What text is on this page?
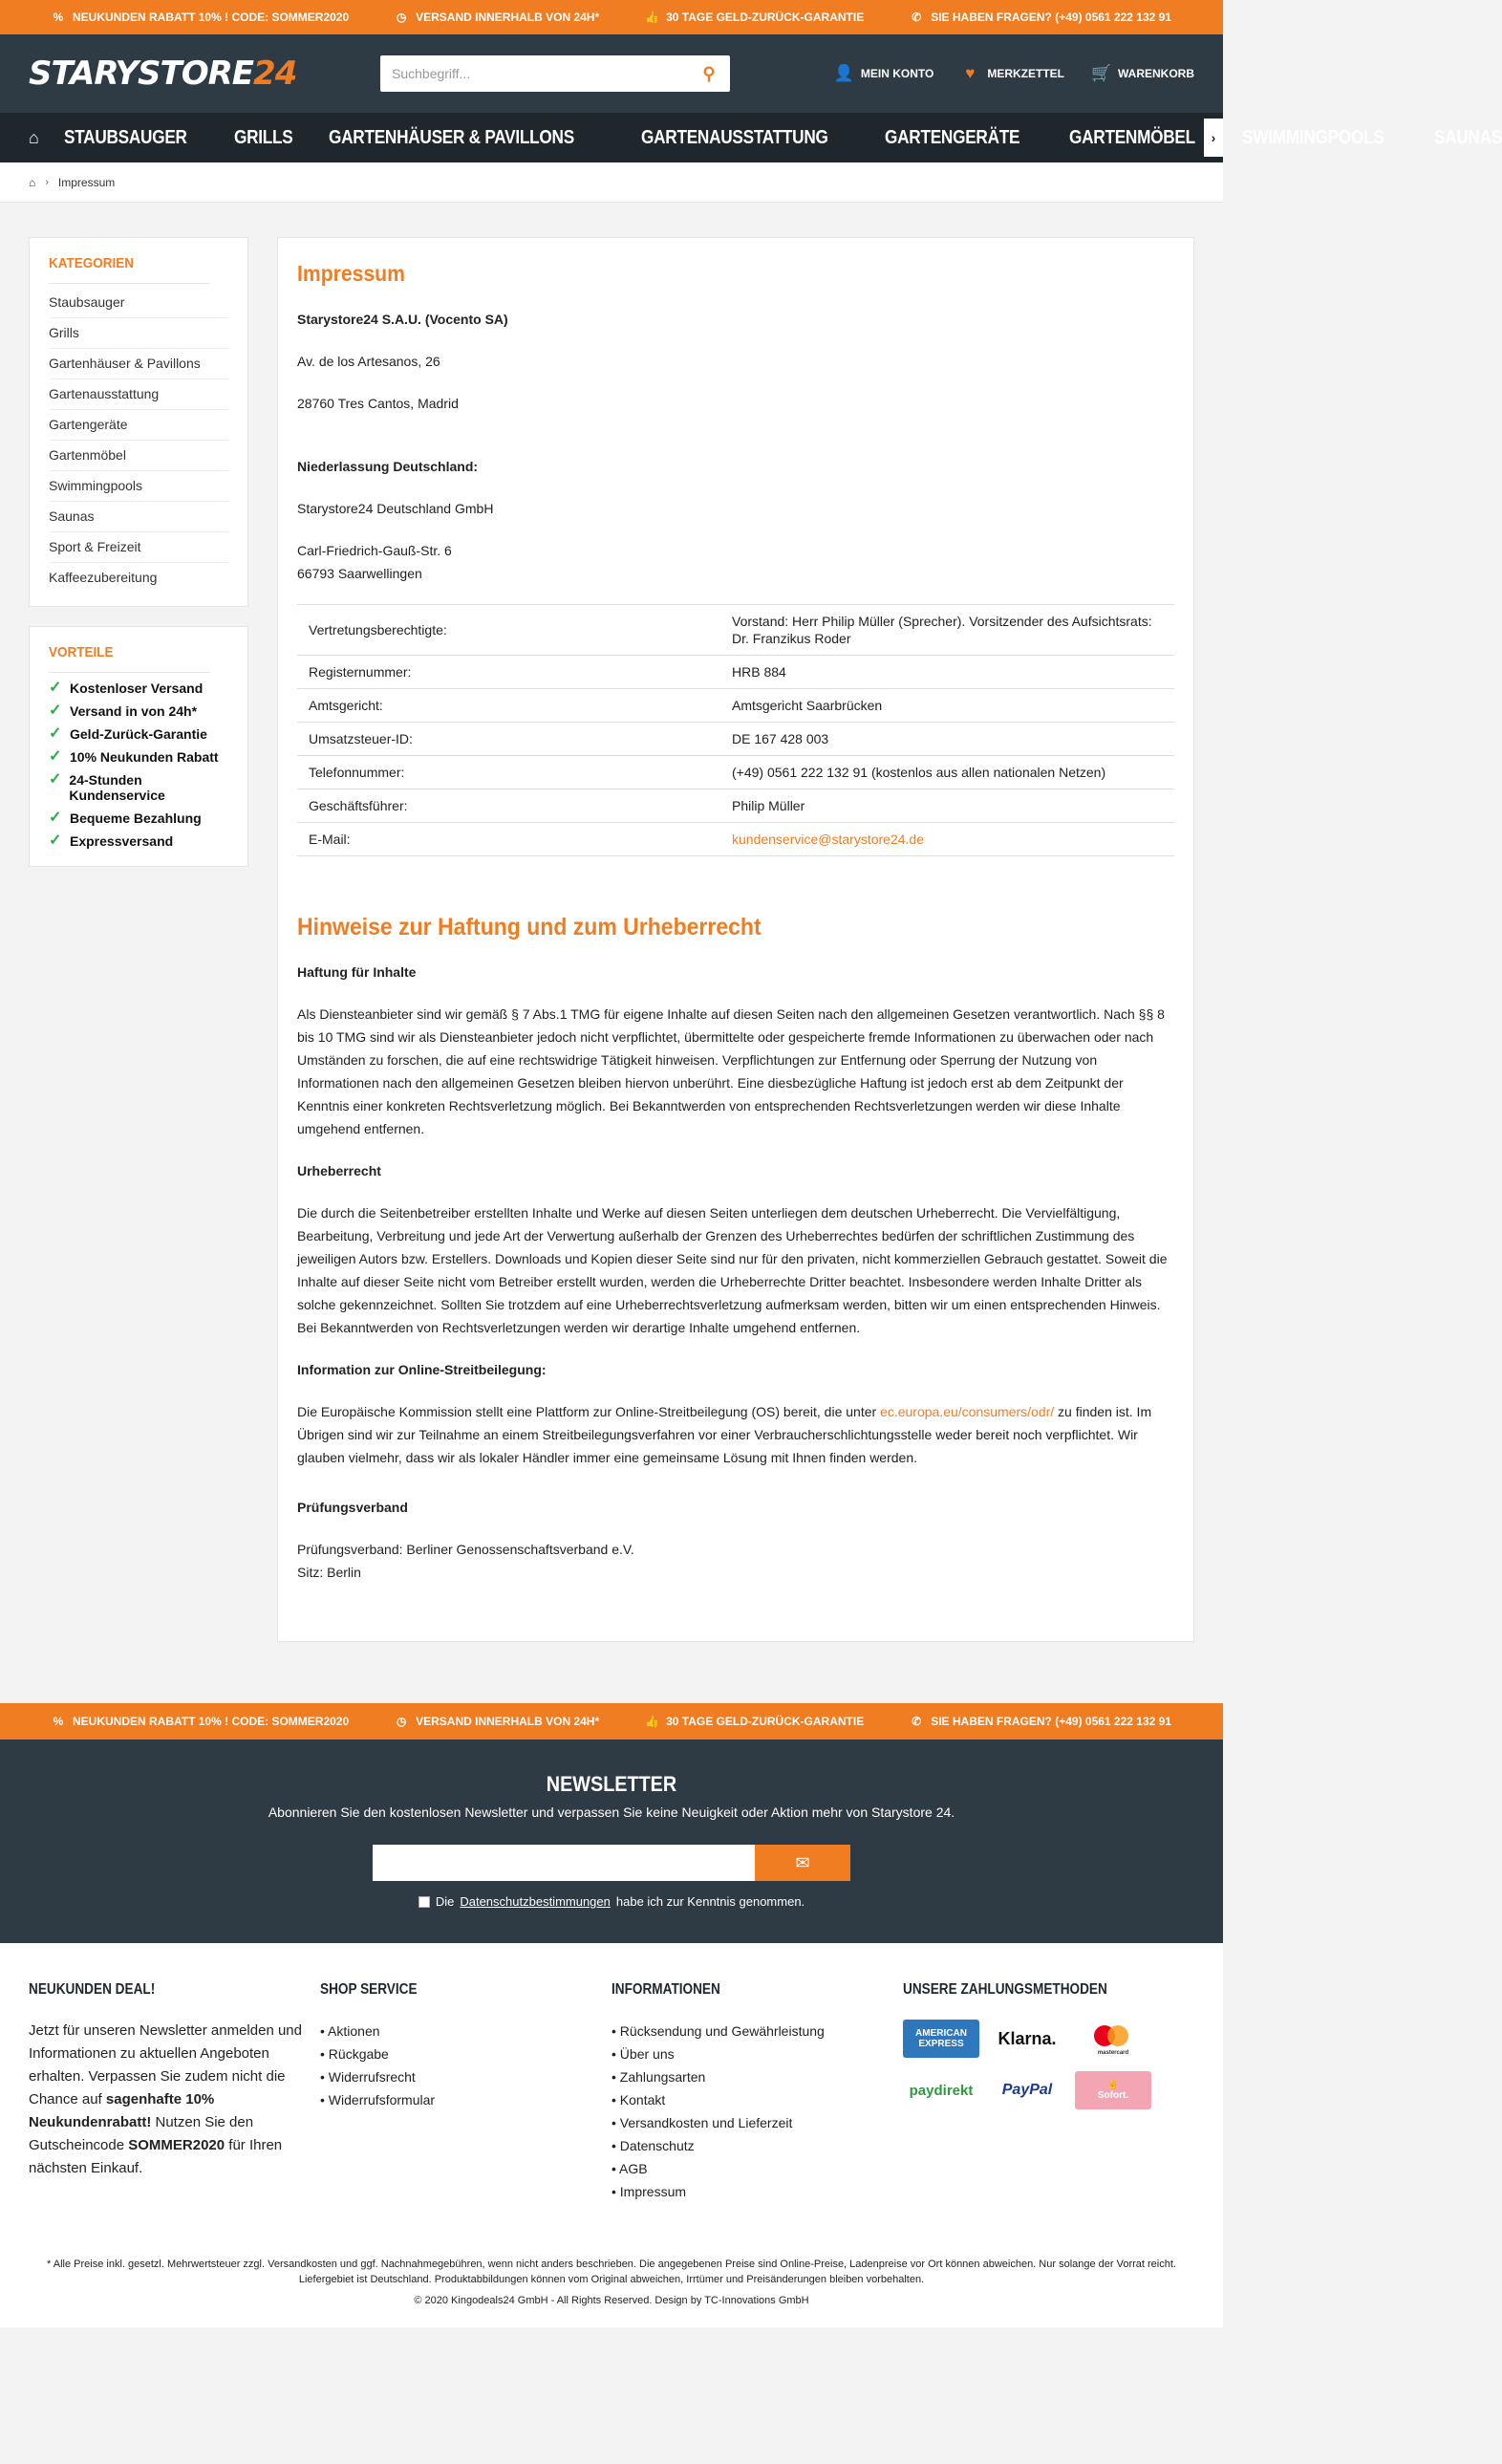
% NEUKUNDEN RABATT 10% ! CODE: SOMMER2020	◷ VERSAND INNERHALB VON 24H*	👍 30 TAGE GELD-ZURÜCK-GARANTIE	✆ SIE HABEN FRAGEN? (+49) 0561 222 132 91
STARYSTORE24
Suchbegriff...	⚲	👤 MEIN KONTO ♥	MERKZETTEL 🛒 WARENKORB
⌂ STAUBSAUGER GRILLS GARTENHÄUSER & PAVILLONS	GARTENAUSSTATTUNG	GARTENGERÄTE	GARTENMÖBEL SWIMMINGPOOLS	SAUNAS
›
⌂ › Impressum
KATEGORIEN
Staubsauger
Grills
Gartenhäuser & Pavillons
Gartenausstattung
Gartengeräte
Gartenmöbel
Swimmingpools
Saunas
Sport & Freizeit
Kaffeezubereitung
VORTEILE
✓ Kostenloser Versand
✓ Versand in von 24h*
✓ Geld-Zurück-Garantie
✓ 10% Neukunden Rabatt
✓ 24-Stunden Kundenservice
✓ Bequeme Bezahlung
✓ Expressversand
Impressum

Starystore24 S.A.U. (Vocento SA)

Av. de los Artesanos, 26

28760 Tres Cantos, Madrid

Niederlassung Deutschland:

Starystore24 Deutschland GmbH

Carl-Friedrich-Gauß-Str. 6
66793 Saarwellingen

Vertretungsberechtigte:	Vorstand: Herr Philip Müller (Sprecher). Vorsitzender des Aufsichtsrats: Dr. Franzikus Roder
Registernummer:	HRB 884
Amtsgericht:	Amtsgericht Saarbrücken
Umsatzsteuer-ID:	DE 167 428 003
Telefonnummer:	(+49) 0561 222 132 91 (kostenlos aus allen nationalen Netzen)
Geschäftsführer:	Philip Müller
E-Mail:	kundenservice@starystore24.de
Hinweise zur Haftung und zum Urheberrecht

Haftung für Inhalte

Als Diensteanbieter sind wir gemäß § 7 Abs.1 TMG für eigene Inhalte auf diesen Seiten nach den allgemeinen Gesetzen verantwortlich. Nach §§ 8 bis 10 TMG sind wir als Diensteanbieter jedoch nicht verpflichtet, übermittelte oder gespeicherte fremde Informationen zu überwachen oder nach Umständen zu forschen, die auf eine rechtswidrige Tätigkeit hinweisen. Verpflichtungen zur Entfernung oder Sperrung der Nutzung von Informationen nach den allgemeinen Gesetzen bleiben hiervon unberührt. Eine diesbezügliche Haftung ist jedoch erst ab dem Zeitpunkt der Kenntnis einer konkreten Rechtsverletzung möglich. Bei Bekanntwerden von entsprechenden Rechtsverletzungen werden wir diese Inhalte umgehend entfernen.

Urheberrecht

Die durch die Seitenbetreiber erstellten Inhalte und Werke auf diesen Seiten unterliegen dem deutschen Urheberrecht. Die Vervielfältigung, Bearbeitung, Verbreitung und jede Art der Verwertung außerhalb der Grenzen des Urheberrechtes bedürfen der schriftlichen Zustimmung des jeweiligen Autors bzw. Erstellers. Downloads und Kopien dieser Seite sind nur für den privaten, nicht kommerziellen Gebrauch gestattet. Soweit die Inhalte auf dieser Seite nicht vom Betreiber erstellt wurden, werden die Urheberrechte Dritter beachtet. Insbesondere werden Inhalte Dritter als solche gekennzeichnet. Sollten Sie trotzdem auf eine Urheberrechtsverletzung aufmerksam werden, bitten wir um einen entsprechenden Hinweis. Bei Bekanntwerden von Rechtsverletzungen werden wir derartige Inhalte umgehend entfernen.

Information zur Online-Streitbeilegung:

Die Europäische Kommission stellt eine Plattform zur Online-Streitbeilegung (OS) bereit, die unter ec.europa.eu/consumers/odr/ zu finden ist. Im Übrigen sind wir zur Teilnahme an einem Streitbeilegungsverfahren vor einer Verbraucherschlichtungsstelle weder bereit noch verpflichtet. Wir glauben vielmehr, dass wir als lokaler Händler immer eine gemeinsame Lösung mit Ihnen finden werden.

Prüfungsverband

Prüfungsverband: Berliner Genossenschaftsverband e.V.
Sitz: Berlin

% NEUKUNDEN RABATT 10% ! CODE: SOMMER2020	◷ VERSAND INNERHALB VON 24H*	👍 30 TAGE GELD-ZURÜCK-GARANTIE	✆ SIE HABEN FRAGEN? (+49) 0561 222 132 91
NEWSLETTER
Abonnieren Sie den kostenlosen Newsletter und verpassen Sie keine Neuigkeit oder Aktion mehr von Starystore 24.
✉
Die Datenschutzbestimmungen habe ich zur Kenntnis genommen.
NEUKUNDEN DEAL!

Jetzt für unseren Newsletter anmelden und Informationen zu aktuellen Angeboten erhalten. Verpassen Sie zudem nicht die Chance auf sagenhafte 10% Neukundenrabatt! Nutzen Sie den Gutscheincode SOMMER2020 für Ihren nächsten Einkauf.

SHOP SERVICE
• Aktionen
• Rückgabe
• Widerrufsrecht
• Widerrufsformular
INFORMATIONEN
• Rücksendung und Gewährleistung
• Über uns
• Zahlungsarten
• Kontakt
• Versandkosten und Lieferzeit
• Datenschutz
• AGB
• Impressum
UNSERE ZAHLUNGSMETHODEN
AMERICAN EXPRESS	Klarna.
mastercard
paydirekt	PayPal	✌
Sofort.
* Alle Preise inkl. gesetzl. Mehrwertsteuer zzgl. Versandkosten und ggf. Nachnahmegebühren, wenn nicht anders beschrieben. Die angegebenen Preise sind Online-Preise, Ladenpreise vor Ort können abweichen. Nur solange der Vorrat reicht. Liefergebiet ist Deutschland. Produktabbildungen können vom Original abweichen, Irrtümer und Preisänderungen bleiben vorbehalten.
© 2020 Kingodeals24 GmbH - All Rights Reserved. Design by TC-Innovations GmbH
